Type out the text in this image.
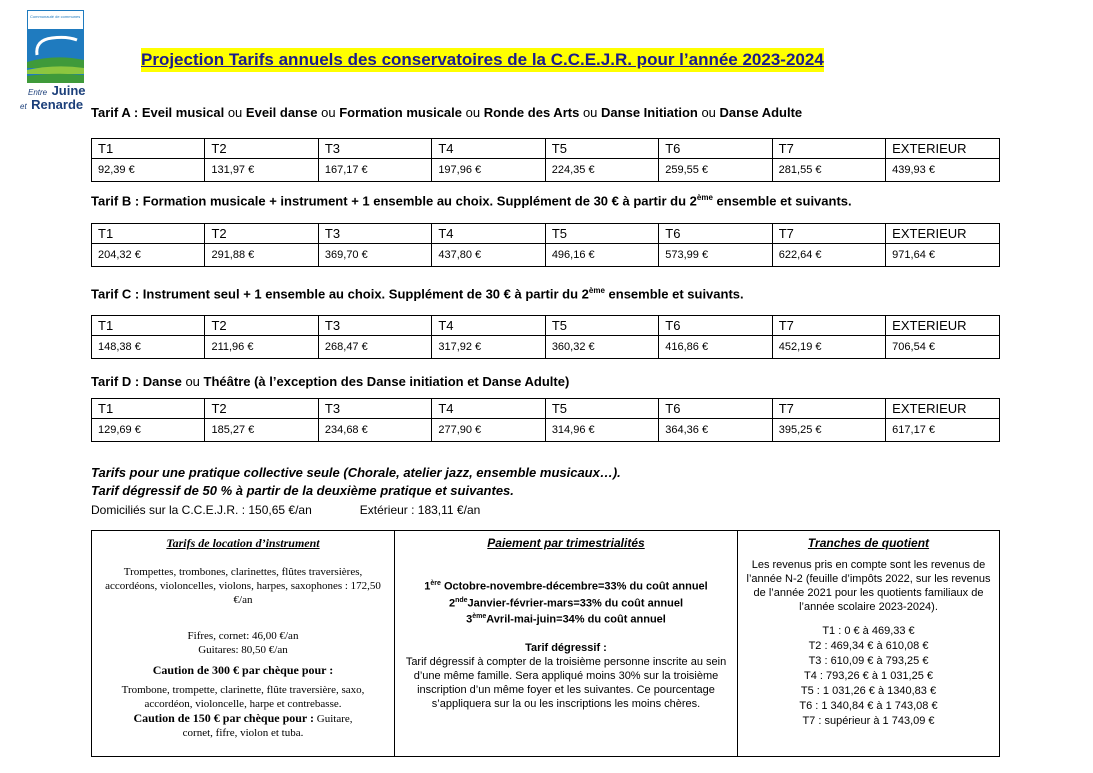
Communauté de communes
Entre Juine
et Renarde
Projection Tarifs annuels des conservatoires de la C.C.E.J.R. pour l’année 2023-2024
Tarif A : Eveil musical ou Eveil danse ou Formation musicale ou Ronde des Arts ou Danse Initiation ou Danse Adulte
T1	T2	T3	T4	T5	T6	T7	EXTERIEUR
92,39 €	131,97 €	167,17 €	197,96 €	224,35 €	259,55 €	281,55 €	439,93 €
Tarif B : Formation musicale + instrument + 1 ensemble au choix. Supplément de 30 € à partir du 2ème ensemble et suivants.
T1	T2	T3	T4	T5	T6	T7	EXTERIEUR
204,32 €	291,88 €	369,70 €	437,80 €	496,16 €	573,99 €	622,64 €	971,64 €
Tarif C : Instrument seul + 1 ensemble au choix. Supplément de 30 € à partir du 2ème ensemble et suivants.
T1	T2	T3	T4	T5	T6	T7	EXTERIEUR
148,38 €	211,96 €	268,47 €	317,92 €	360,32 €	416,86 €	452,19 €	706,54 €
Tarif D : Danse ou Théâtre (à l’exception des Danse initiation et Danse Adulte)
T1	T2	T3	T4	T5	T6	T7	EXTERIEUR
129,69 €	185,27 €	234,68 €	277,90 €	314,96 €	364,36 €	395,25 €	617,17 €
Tarifs pour une pratique collective seule (Chorale, atelier jazz, ensemble musicaux…).
Tarif dégressif de 50 % à partir de la deuxième pratique et suivantes.
Domiciliés sur la C.C.E.J.R. : 150,65 €/an	Extérieur : 183,11 €/an
Tarifs de location d’instrument
Trompettes, trombones, clarinettes, flûtes traversières, accordéons, violoncelles, violons, harpes, saxophones : 172,50 €/an
Fifres, cornet: 46,00 €/an
Guitares: 80,50 €/an
Caution de 300 € par chèque pour :
Trombone, trompette, clarinette, flûte traversière, saxo, accordéon, violoncelle, harpe et contrebasse.
Caution de 150 € par chèque pour : Guitare, cornet, fifre, violon et tuba.
Paiement par trimestrialités
1ère Octobre-novembre-décembre=33% du coût annuel
2ndeJanvier-février-mars=33% du coût annuel
3èmeAvril-mai-juin=34% du coût annuel
Tarif dégressif :
Tarif dégressif à compter de la troisième personne inscrite au sein d’une même famille. Sera appliqué moins 30% sur la troisième inscription d’un même foyer et les suivantes. Ce pourcentage s’appliquera sur la ou les inscriptions les moins chères.
Tranches de quotient
Les revenus pris en compte sont les revenus de l’année N-2 (feuille d’impôts 2022, sur les revenus de l’année 2021 pour les quotients familiaux de l’année scolaire 2023-2024).
T1 : 0 € à 469,33 €
T2 : 469,34 € à 610,08 €
T3 : 610,09 € à 793,25 €
T4 : 793,26 € à 1 031,25 €
T5 : 1 031,26 € à 1340,83 €
T6 : 1 340,84 € à 1 743,08 €
T7 : supérieur à 1 743,09 €
